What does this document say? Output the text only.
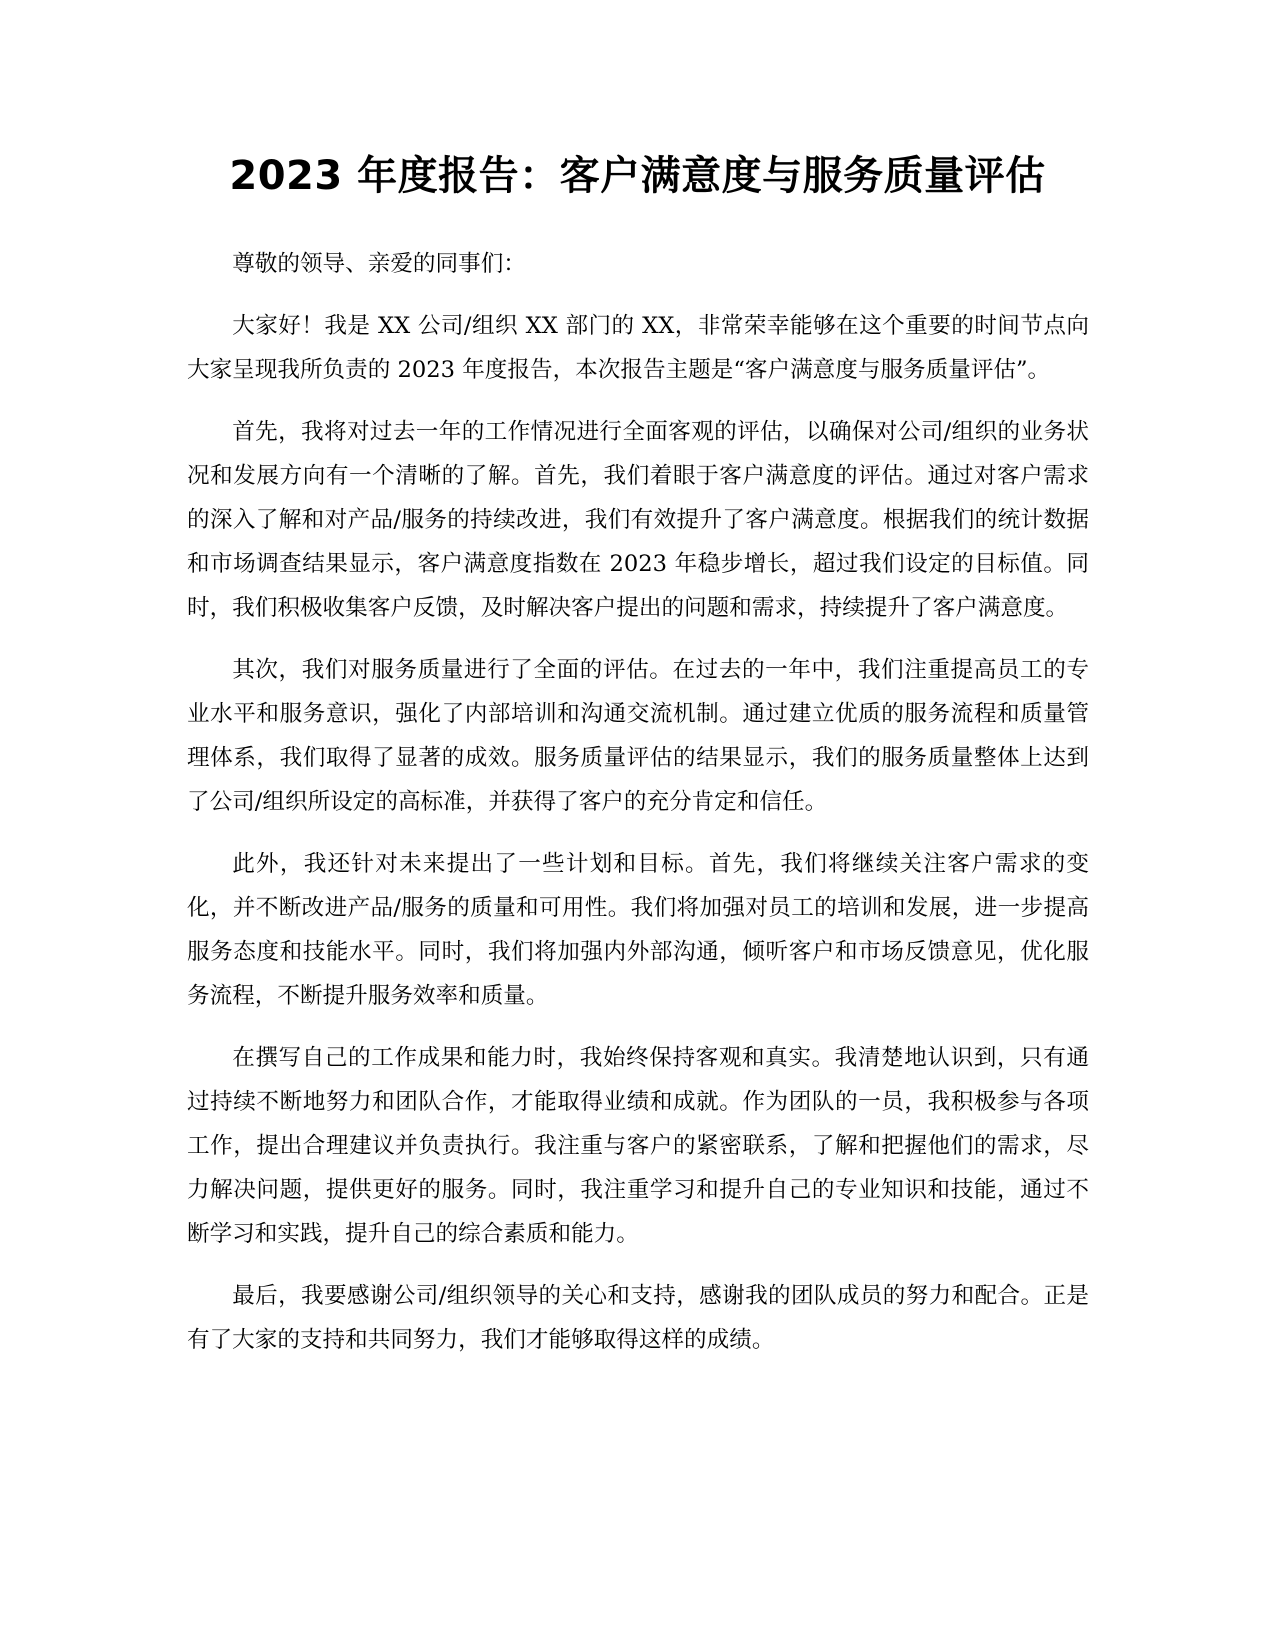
2023 年度报告：客户满意度与服务质量评估

尊敬的领导、亲爱的同事们：

大家好！我是 XX 公司/组织 XX 部门的 XX，非常荣幸能够在这个重要的时间节点向大家呈现我所负责的 2023 年度报告，本次报告主题是“客户满意度与服务质量评估”。

首先，我将对过去一年的工作情况进行全面客观的评估，以确保对公司/组织的业务状况和发展方向有一个清晰的了解。首先，我们着眼于客户满意度的评估。通过对客户需求的深入了解和对产品/服务的持续改进，我们有效提升了客户满意度。根据我们的统计数据和市场调查结果显示，客户满意度指数在 2023 年稳步增长，超过我们设定的目标值。同时，我们积极收集客户反馈，及时解决客户提出的问题和需求，持续提升了客户满意度。

其次，我们对服务质量进行了全面的评估。在过去的一年中，我们注重提高员工的专业水平和服务意识，强化了内部培训和沟通交流机制。通过建立优质的服务流程和质量管理体系，我们取得了显著的成效。服务质量评估的结果显示，我们的服务质量整体上达到了公司/组织所设定的高标准，并获得了客户的充分肯定和信任。

此外，我还针对未来提出了一些计划和目标。首先，我们将继续关注客户需求的变化，并不断改进产品/服务的质量和可用性。我们将加强对员工的培训和发展，进一步提高服务态度和技能水平。同时，我们将加强内外部沟通，倾听客户和市场反馈意见，优化服务流程，不断提升服务效率和质量。

在撰写自己的工作成果和能力时，我始终保持客观和真实。我清楚地认识到，只有通过持续不断地努力和团队合作，才能取得业绩和成就。作为团队的一员，我积极参与各项工作，提出合理建议并负责执行。我注重与客户的紧密联系，了解和把握他们的需求，尽力解决问题，提供更好的服务。同时，我注重学习和提升自己的专业知识和技能，通过不断学习和实践，提升自己的综合素质和能力。

最后，我要感谢公司/组织领导的关心和支持，感谢我的团队成员的努力和配合。正是有了大家的支持和共同努力，我们才能够取得这样的成绩。
